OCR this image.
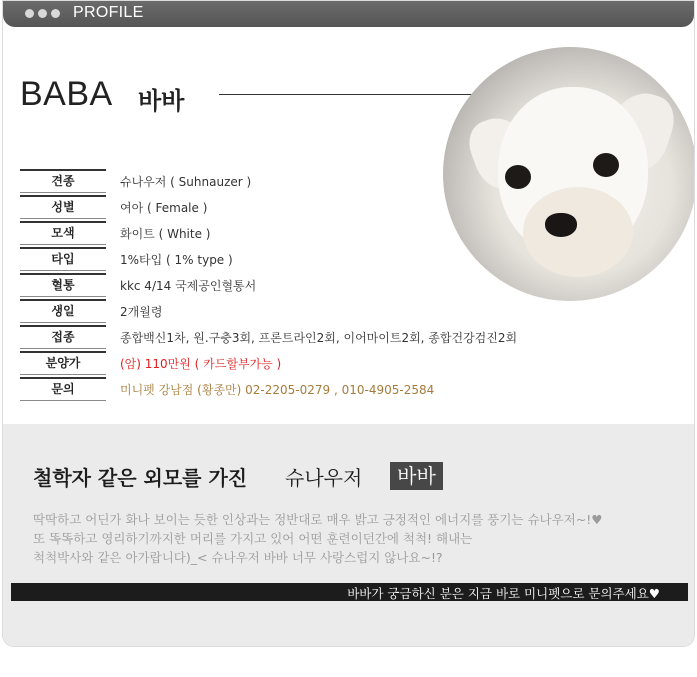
PROFILE
BABA 바바
견종	슈나우저 ( Suhnauzer )
성별	여아 ( Female )
모색	화이트 ( White )
타입	1%타입 ( 1% type )
혈통	kkc 4/14 국제공인혈통서
생일	2개월령
접종	종합백신1차, 원.구충3회, 프론트라인2회, 이어마이트2회, 종합건강검진2회
분양가	(암) 110만원 ( 카드할부가능 )
문의	미니펫 강남점 (황종만) 02-2205-0279 , 010-4905-2584
철학자 같은 외모를 가진 슈나우저	바바
딱딱하고 어딘가 화나 보이는 듯한 인상과는 정반대로 매우 밝고 긍정적인 에너지를 풍기는 슈나우저~!♥
또 똑똑하고 영리하기까지한 머리를 가지고 있어 어떤 훈련이던간에 척척! 해내는
척척박사와 같은 아가랍니다)_< 슈나우저 바바 너무 사랑스럽지 않나요~!?
바바가 궁금하신 분은 지금 바로 미니펫으로 문의주세요♥
